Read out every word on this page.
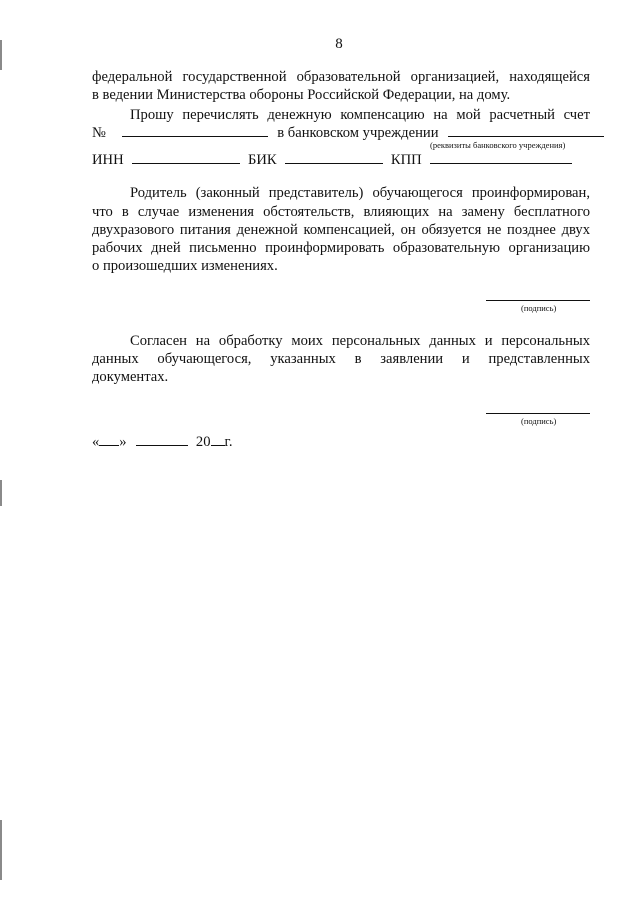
8
федеральной государственной образовательной организацией, находящейся
в ведении Министерства обороны Российской Федерации, на дому.
Прошу перечислять денежную компенсацию на мой расчетный счет
№	в банковском учреждении
(реквизиты банковского учреждения)
ИНН	БИК	КПП
Родитель (законный представитель) обучающегося проинформирован,
что в случае изменения обстоятельств, влияющих на замену бесплатного
двухразового питания денежной компенсацией, он обязуется не позднее двух
рабочих дней письменно проинформировать образовательную организацию
о произошедших изменениях.
(подпись)
Согласен на обработку моих персональных данных и персональных
данных обучающегося, указанных в заявлении и представленных
документах.
(подпись)
« »	20 г.
